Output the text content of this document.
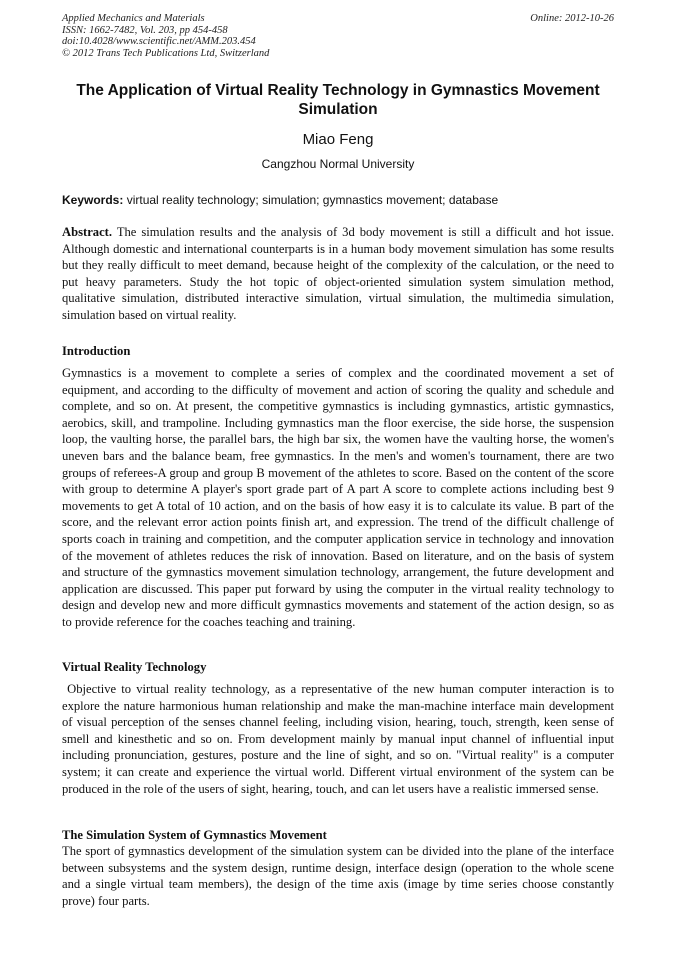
Applied Mechanics and Materials
ISSN: 1662-7482, Vol. 203, pp 454-458
doi:10.4028/www.scientific.net/AMM.203.454
© 2012 Trans Tech Publications Ltd, Switzerland
Online: 2012-10-26
The Application of Virtual Reality Technology in Gymnastics Movement Simulation
Miao Feng
Cangzhou Normal University
Keywords: virtual reality technology; simulation; gymnastics movement; database
Abstract. The simulation results and the analysis of 3d body movement is still a difficult and hot issue. Although domestic and international counterparts is in a human body movement simulation has some results but they really difficult to meet demand, because height of the complexity of the calculation, or the need to put heavy parameters. Study the hot topic of object-oriented simulation system simulation method, qualitative simulation, distributed interactive simulation, virtual simulation, the multimedia simulation, simulation based on virtual reality.
Introduction
Gymnastics is a movement to complete a series of complex and the coordinated movement a set of equipment, and according to the difficulty of movement and action of scoring the quality and schedule and complete, and so on. At present, the competitive gymnastics is including gymnastics, artistic gymnastics, aerobics, skill, and trampoline. Including gymnastics man the floor exercise, the side horse, the suspension loop, the vaulting horse, the parallel bars, the high bar six, the women have the vaulting horse, the women's uneven bars and the balance beam, free gymnastics. In the men's and women's tournament, there are two groups of referees-A group and group B movement of the athletes to score. Based on the content of the score with group to determine A player's sport grade part of A part A score to complete actions including best 9 movements to get A total of 10 action, and on the basis of how easy it is to calculate its value. B part of the score, and the relevant error action points finish art, and expression. The trend of the difficult challenge of sports coach in training and competition, and the computer application service in technology and innovation of the movement of athletes reduces the risk of innovation. Based on literature, and on the basis of system and structure of the gymnastics movement simulation technology, arrangement, the future development and application are discussed. This paper put forward by using the computer in the virtual reality technology to design and develop new and more difficult gymnastics movements and statement of the action design, so as to provide reference for the coaches teaching and training.
Virtual Reality Technology
Objective to virtual reality technology, as a representative of the new human computer interaction is to explore the nature harmonious human relationship and make the man-machine interface main development of visual perception of the senses channel feeling, including vision, hearing, touch, strength, keen sense of smell and kinesthetic and so on. From development mainly by manual input channel of influential input including pronunciation, gestures, posture and the line of sight, and so on. "Virtual reality" is a computer system; it can create and experience the virtual world. Different virtual environment of the system can be produced in the role of the users of sight, hearing, touch, and can let users have a realistic immersed sense.
The Simulation System of Gymnastics Movement
The sport of gymnastics development of the simulation system can be divided into the plane of the interface between subsystems and the system design, runtime design, interface design (operation to the whole scene and a single virtual team members), the design of the time axis (image by time series choose constantly prove) four parts.
